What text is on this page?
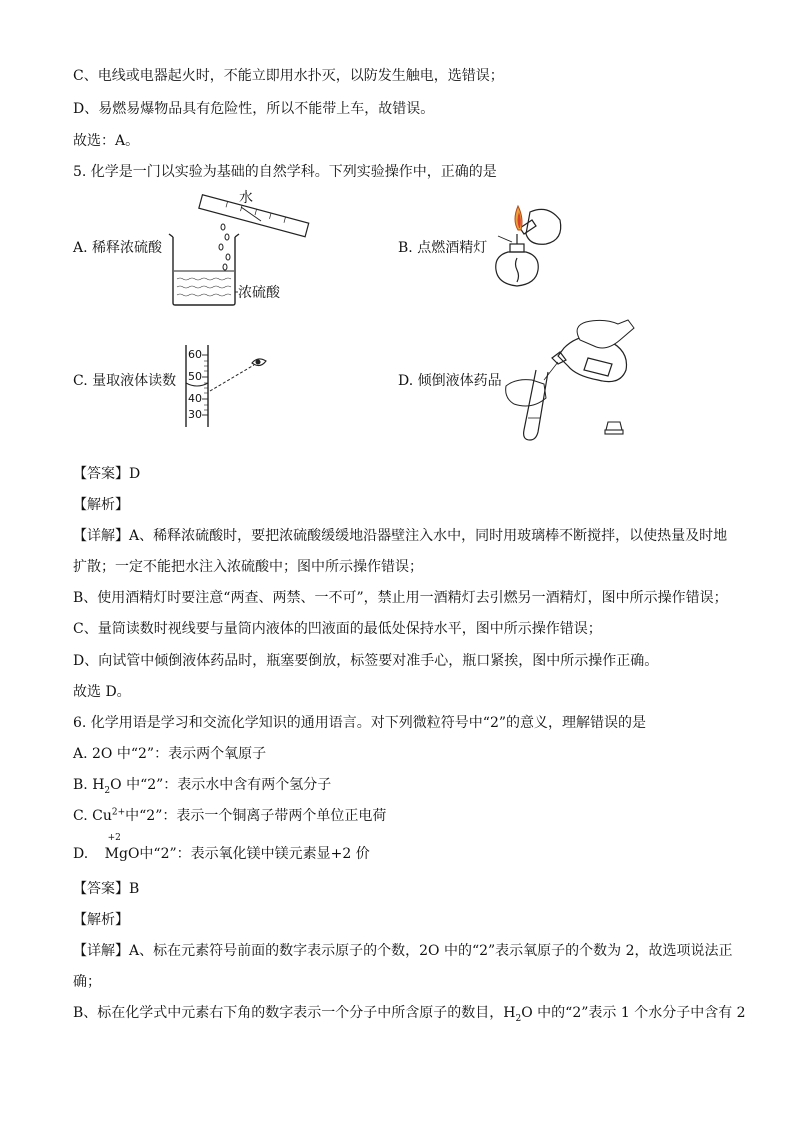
C、电线或电器起火时，不能立即用水扑灭，以防发生触电，选错误；
D、易燃易爆物品具有危险性，所以不能带上车，故错误。
故选：A。
5. 化学是一门以实验为基础的自然学科。下列实验操作中，正确的是
A. 稀释浓硫酸
水
浓硫酸
B. 点燃酒精灯
C. 量取液体读数
60
50
40
30
D. 倾倒液体药品
【答案】D
【解析】
【详解】A、稀释浓硫酸时，要把浓硫酸缓缓地沿器壁注入水中，同时用玻璃棒不断搅拌，以使热量及时地
扩散；一定不能把水注入浓硫酸中；图中所示操作错误；
B、使用酒精灯时要注意“两查、两禁、一不可”，禁止用一酒精灯去引燃另一酒精灯，图中所示操作错误；
C、量筒读数时视线要与量筒内液体的凹液面的最低处保持水平，图中所示操作错误；
D、向试管中倾倒液体药品时，瓶塞要倒放，标签要对准手心，瓶口紧挨，图中所示操作正确。
故选 D。
6. 化学用语是学习和交流化学知识的通用语言。对下列微粒符号中“2”的意义，理解错误的是
A. 2O 中“2”：表示两个氧原子
B. $H_2O$ 中“2”：表示水中含有两个氢分子
C. $Cu^{2+}$中“2”：表示一个铜离子带两个单位正电荷
D.
+2
MgO中“2”：表示氧化镁中镁元素显+2 价
【答案】B
【解析】
【详解】A、标在元素符号前面的数字表示原子的个数，2O 中的“2”表示氧原子的个数为 2，故选项说法正
确；
B、标在化学式中元素右下角的数字表示一个分子中所含原子的数目，$H_2O$ 中的“2”表示 1 个水分子中含有 2
